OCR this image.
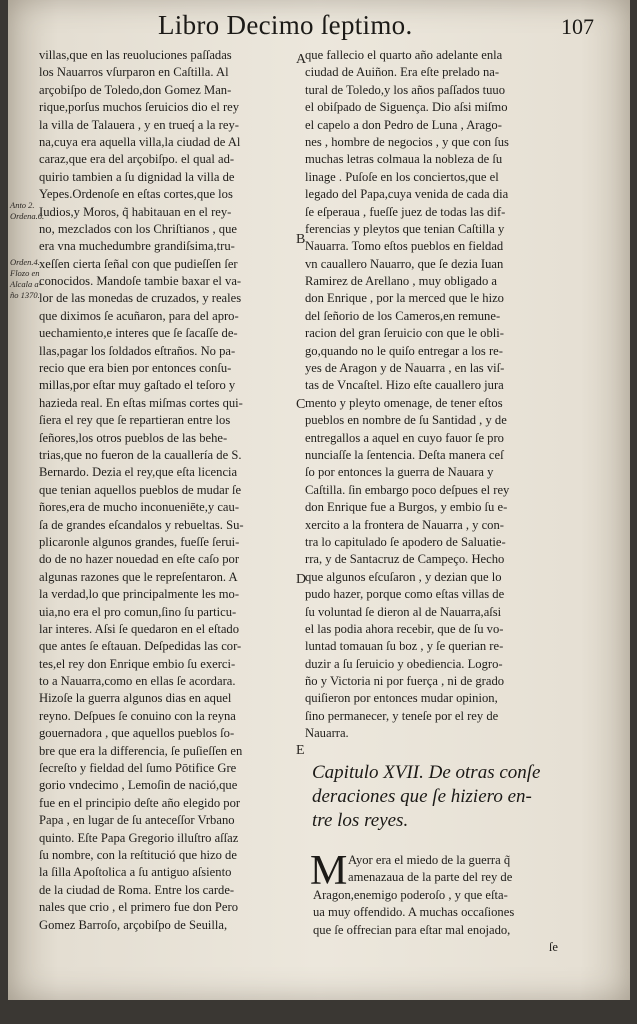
Libro Decimo ſeptimo.	107
Anto 2.
Ordena.6.
Orden.4.
Flozo en
Alcala a-
ño 1370.
villas,que en las reuoluciones paſſadas
los Nauarros vſurparon en Caſtilla. Al
arçobiſpo de Toledo,don Gomez Man-
rique,porſus muchos ſeruicios dio el rey
la villa de Talauera , y en trueq́ a la rey-
na,cuya era aquella villa,la ciudad de Al
caraz,que era del arçobiſpo. el qual ad-
quirio tambien a ſu dignidad la villa de
Yepes.Ordenoſe en eſtas cortes,que los
Iudios,y Moros, q̃ habitauan en el rey-
no, mezclados con los Chriſtianos , que
era vna muchedumbre grandiſsima,tru-
xeſſen cierta ſeñal con que pudieſſen ſer
conocidos. Mandoſe tambie baxar el va-
lor de las monedas de cruzados, y reales
que diximos ſe acuñaron, para del apro-
uechamiento,e interes que ſe ſacaſſe de-
llas,pagar los ſoldados eſtraños. No pa-
recio que era bien por entonces conſu-
millas,por eſtar muy gaſtado el teſoro y
hazieda real. En eſtas miſmas cortes qui-
ſiera el rey que ſe repartieran entre los
ſeñores,los otros pueblos de las behe-
trias,que no fueron de la cauallería de S.
Bernardo. Dezia el rey,que eſta licencia
que tenian aquellos pueblos de mudar ſe
ñores,era de mucho inconueniēte,y cau-
ſa de grandes eſcandalos y rebueltas. Su-
plicaronle algunos grandes, fueſſe ſerui-
do de no hazer nouedad en eſte caſo por
algunas razones que le repreſentaron. A
la verdad,lo que principalmente les mo-
uia,no era el pro comun,ſino ſu particu-
lar interes. Aſsi ſe quedaron en el eſtado
que antes ſe eſtauan. Deſpedidas las cor-
tes,el rey don Enrique embio ſu exerci-
to a Nauarra,como en ellas ſe acordara.
Hizoſe la guerra algunos dias en aquel
reyno. Deſpues ſe conuino con la reyna
gouernadora , que aquellos pueblos ſo-
bre que era la differencia, ſe puſieſſen en
ſecreſto y fieldad del ſumo Pōtifice Gre
gorio vndecimo , Lemoſin de nació,que
fue en el principio deſte año elegido por
Papa , en lugar de ſu anteceſſor Vrbano
quinto. Eſte Papa Gregorio illuſtro aſſaz
ſu nombre, con la reſtitució que hizo de
la ſilla Apoſtolica a ſu antiguo aſsiento
de la ciudad de Roma. Entre los carde-
nales que crio , el primero fue don Pero
Gomez Barroſo, arçobiſpo de Seuilla,
que fallecio el quarto año adelante enla
ciudad de Auiñon. Era eſte prelado na-
tural de Toledo,y los años paſſados tuuo
el obiſpado de Siguença. Dio aſsi miſmo
el capelo a don Pedro de Luna , Arago-
nes , hombre de negocios , y que con ſus
muchas letras colmaua la nobleza de ſu
linage . Puſoſe en los conciertos,que el
legado del Papa,cuya venida de cada dia
ſe eſperaua , fueſſe juez de todas las dif-
ferencias y pleytos que tenian Caſtilla y
Nauarra. Tomo eſtos pueblos en fieldad
vn cauallero Nauarro, que ſe dezia Iuan
Ramirez de Arellano , muy obligado a
don Enrique , por la merced que le hizo
del ſeñorio de los Cameros,en remune-
racion del gran ſeruicio con que le obli-
go,quando no le quiſo entregar a los re-
yes de Aragon y de Nauarra , en las viſ-
tas de Vncaſtel. Hizo eſte cauallero jura
mento y pleyto omenage, de tener eſtos
pueblos en nombre de ſu Santidad , y de
entregallos a aquel en cuyo fauor ſe pro
nunciaſſe la ſentencia. Deſta manera ceſ
ſo por entonces la guerra de Nauara y
Caſtilla. ſin embargo poco deſpues el rey
don Enrique fue a Burgos, y embio ſu e-
xercito a la frontera de Nauarra , y con-
tra lo capitulado ſe apodero de Saluatie-
rra, y de Santacruz de Campeço. Hecho
que algunos eſcuſaron , y dezian que lo
pudo hazer, porque como eſtas villas de
ſu voluntad ſe dieron al de Nauarra,aſsi
el las podia ahora recebir, que de ſu vo-
luntad tomauan ſu boz , y ſe querian re-
duzir a ſu ſeruicio y obediencia. Logro-
ño y Victoria ni por fuerça , ni de grado
quiſieron por entonces mudar opinion,
ſino permanecer, y teneſe por el rey de
Nauarra.
A
B
C
D
E
Capitulo XVII. De otras conſe
deraciones que ſe hiziero en-
tre los reyes.
M Ayor era el miedo de la guerra q̃
amenazaua de la parte del rey de
Aragon,enemigo poderoſo , y que eſta-
ua muy offendido. A muchas occaſiones
que ſe offrecian para eſtar mal enojado,
ſe
